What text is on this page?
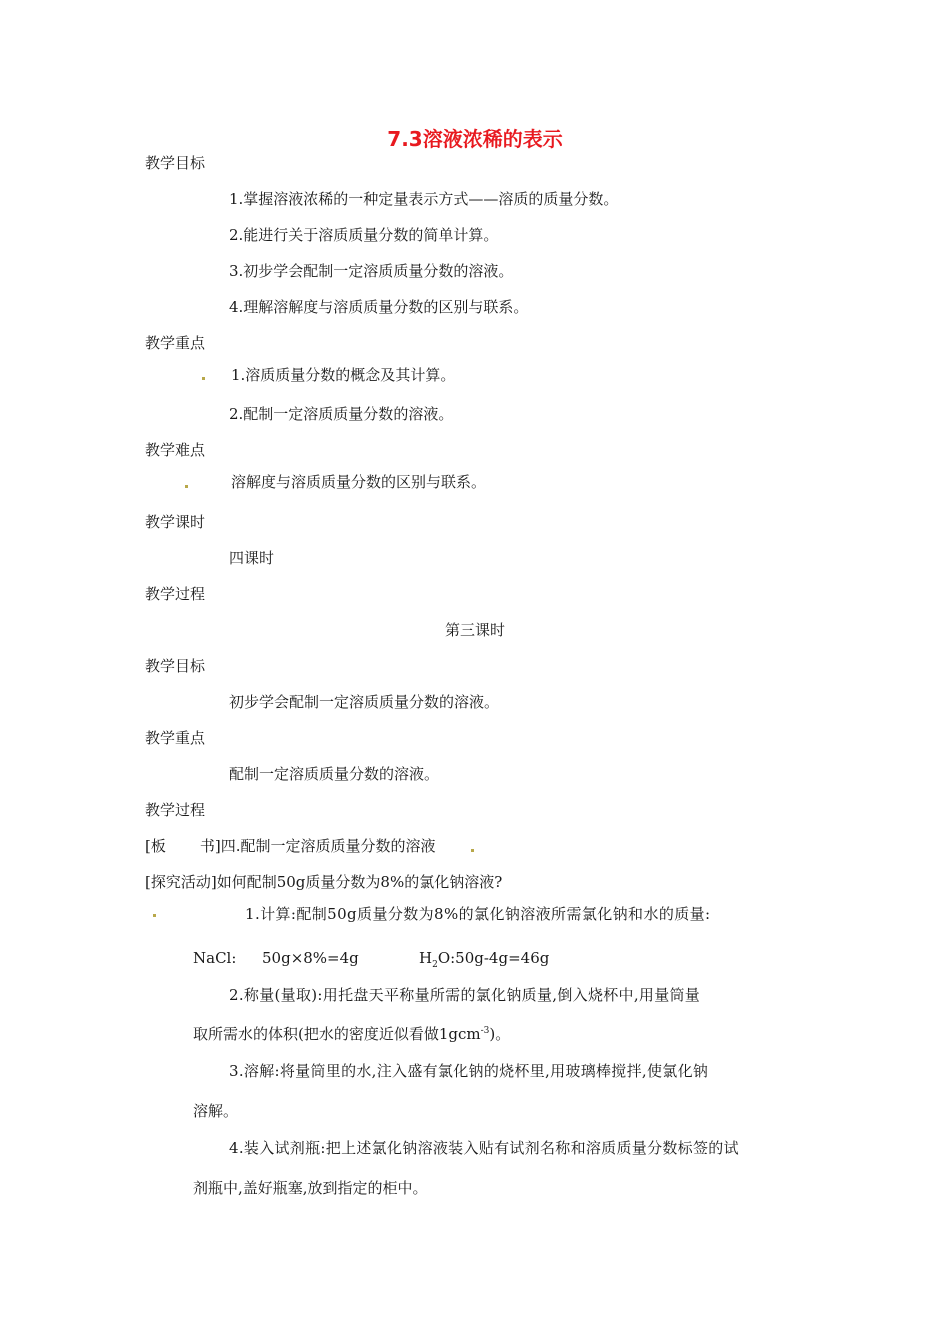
7.3溶液浓稀的表示
教学目标
1.掌握溶液浓稀的一种定量表示方式——溶质的质量分数。
2.能进行关于溶质质量分数的简单计算。
3.初步学会配制一定溶质质量分数的溶液。
4.理解溶解度与溶质质量分数的区别与联系。
教学重点
1.溶质质量分数的概念及其计算。
2.配制一定溶质质量分数的溶液。
教学难点
溶解度与溶质质量分数的区别与联系。
教学课时
四课时
教学过程
第三课时
教学目标
初步学会配制一定溶质质量分数的溶液。
教学重点
配制一定溶质质量分数的溶液。
教学过程
[板 书]四.配制一定溶质质量分数的溶液
[探究活动]如何配制50g质量分数为8%的氯化钠溶液?
1.计算:配制50g质量分数为8%的氯化钠溶液所需氯化钠和水的质量:
NaCl: 50g×8%=4g	$H_2O:50g-4g=46g$
2.称量(量取):用托盘天平称量所需的氯化钠质量,倒入烧杯中,用量筒量
取所需水的体积(把水的密度近似看做1gcm$^{-3}$)。
3.溶解:将量筒里的水,注入盛有氯化钠的烧杯里,用玻璃棒搅拌,使氯化钠
溶解。
4.装入试剂瓶:把上述氯化钠溶液装入贴有试剂名称和溶质质量分数标签的试
剂瓶中,盖好瓶塞,放到指定的柜中。
